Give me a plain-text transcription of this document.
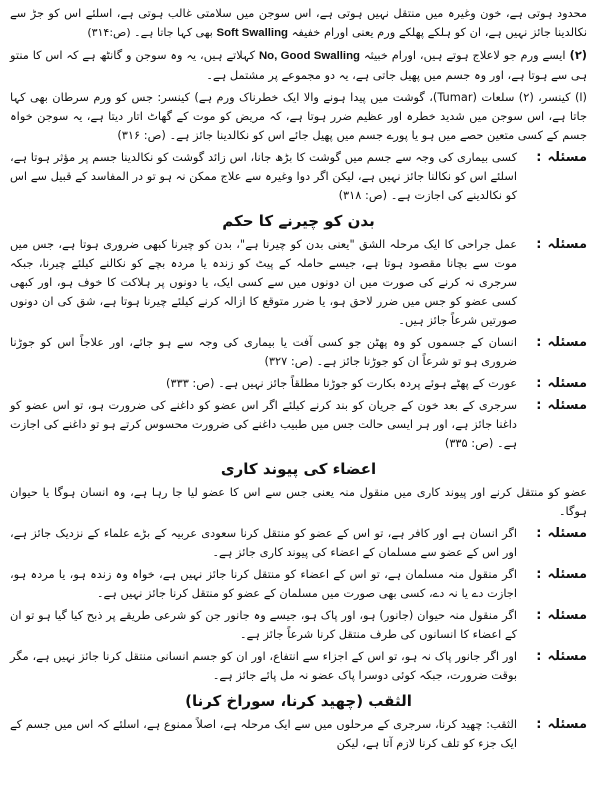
محدود ہوتی ہے، خون وغیرہ میں منتقل نہیں ہوتی ہے، اس سوجن میں سلامتی غالب ہوتی ہے، اسلئے اس کو جڑ سے نکالدینا جائز نہیں ہے، ان کو ہلکے پھلکے ورم یعنی اورام خفیفہ Soft Swalling بھی کہا جاتا ہے۔ (ص:۳۱۴)

(۲)ایسے ورم جو لاعلاج ہوتے ہیں، اورام خبیثہ No, Good Swalling کہلاتے ہیں، یہ وہ سوجن و گانٹھ ہے کہ اس کا منتو ہی سے ہوتا ہے، اور وہ جسم میں پھیل جاتی ہے، یہ دو مجموعے پر مشتمل ہے۔

(ا) کینسر، (۲) سلعات (Tumar)، گوشت میں پیدا ہونے والا ایک خطرناک ورم ہے) کینسر: جس کو ورم سرطان بھی کہا جاتا ہے، اس سوجن میں شدید خطرہ اور عظیم ضرر ہوتا ہے، کہ مریض کو موت کے گھاٹ اتار دیتا ہے، یہ سوجن خواہ جسم کے کسی متعین حصے میں ہو یا پورے جسم میں پھیل جائے اس کو نکالدینا جائز ہے۔ (ص: ۳۱۶)

مسئلہ:

کسی بیماری کی وجہ سے جسم میں گوشت کا بڑھ جانا، اس زائد گوشت کو نکالدینا جسم پر مؤثر ہوتا ہے، اسلئے اس کو نکالنا جائز نہیں ہے، لیکن اگر دوا وغیرہ سے علاج ممکن نہ ہو تو در المفاسد کے قبیل سے اس کو نکالدینے کی اجازت ہے۔ (ص: ۳۱۸)

بدن کو چیرنے کا حکم
مسئلہ:

عمل جراحی کا ایک مرحلہ الشق "یعنی بدن کو چیرنا ہے"، بدن کو چیرنا کبھی ضروری ہوتا ہے، جس میں موت سے بچانا مقصود ہوتا ہے، جیسے حاملہ کے پیٹ کو زندہ یا مردہ بچے کو نکالنے کیلئے چیرنا، جبکہ سرجری نہ کرنے کی صورت میں ان دونوں میں سے کسی ایک، یا دونوں پر ہلاکت کا خوف ہو، اور کبھی کسی عضو کو جس میں ضرر لاحق ہو، یا ضرر متوقع کا ازالہ کرنے کیلئے چیرنا ہوتا ہے، شق کی ان دونوں صورتیں شرعاً جائز ہیں۔

مسئلہ:

انسان کے جسموں کو وہ پھٹن جو کسی آفت یا بیماری کی وجہ سے ہو جائے، اور علاجاً اس کو جوڑنا ضروری ہو تو شرعاً ان کو جوڑنا جائز ہے۔ (ص: ۳۲۷)

مسئلہ:

عورت کے پھٹے ہوئے پردہ بکارت کو جوڑنا مطلقاً جائز نہیں ہے۔ (ص: ۳۳۳)

مسئلہ:

سرجری کے بعد خون کے جریان کو بند کرنے کیلئے اگر اس عضو کو داغنے کی ضرورت ہو، تو اس عضو کو داغنا جائز ہے، اور ہر ایسی حالت جس میں طبیب داغنے کی ضرورت محسوس کرتے ہو تو داغنے کی اجازت ہے۔ (ص: ۳۳۵)

اعضاء کی پیوند کاری

عضو کو منتقل کرنے اور پیوند کاری میں منقول منہ یعنی جس سے اس کا عضو لیا جا رہا ہے، وہ انسان ہوگا یا حیوان ہوگا۔

مسئلہ:

اگر انسان ہے اور کافر ہے، تو اس کے عضو کو منتقل کرنا سعودی عربیہ کے بڑے علماء کے نزدیک جائز ہے، اور اس کے عضو سے مسلمان کے اعضاء کی پیوند کاری جائز ہے۔

مسئلہ:

اگر منقول منہ مسلمان ہے، تو اس کے اعضاء کو منتقل کرنا جائز نہیں ہے، خواہ وہ زندہ ہو، یا مردہ ہو، اجازت دے یا نہ دے، کسی بھی صورت میں مسلمان کے عضو کو منتقل کرنا جائز نہیں ہے۔

مسئلہ:

اگر منقول منہ حیوان (جانور) ہو، اور پاک ہو، جیسے وہ جانور جن کو شرعی طریقے پر ذبح کیا گیا ہو تو ان کے اعضاء کا انسانوں کی طرف منتقل کرنا شرعاً جائز ہے۔

مسئلہ:

اور اگر جانور پاک نہ ہو، تو اس کے اجزاء سے انتفاع، اور ان کو جسم انسانی منتقل کرنا جائز نہیں ہے، مگر بوقت ضرورت، جبکہ کوئی دوسرا پاک عضو نہ مل پائے جائز ہے۔

الثقب (چھید کرنا، سوراخ کرنا)
مسئلہ:

الثقب: چھید کرنا، سرجری کے مرحلوں میں سے ایک مرحلہ ہے، اصلاً ممنوع ہے، اسلئے کہ اس میں جسم کے ایک جزء کو تلف کرنا لازم آتا ہے، لیکن
